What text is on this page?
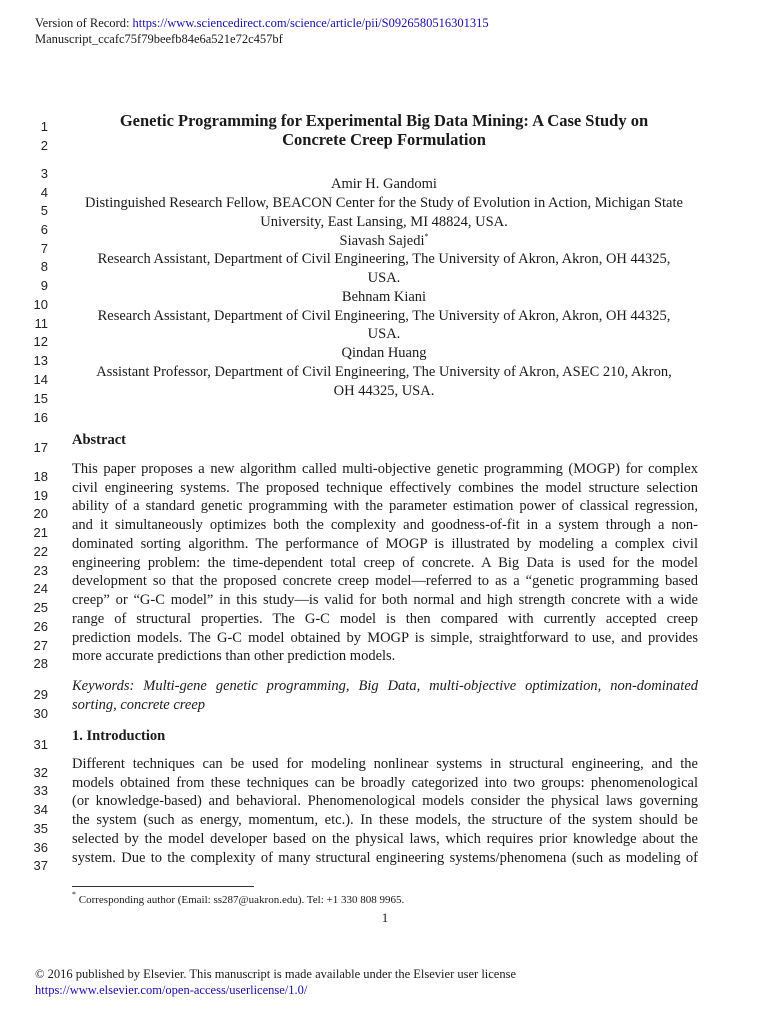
Version of Record: https://www.sciencedirect.com/science/article/pii/S0926580516301315
Manuscript_ccafc75f79beefb84e6a521e72c457bf
1
2
3
4
5
6
7
8
9
10
11
12
13
14
15
16
17
18
19
20
21
22
23
24
25
26
27
28
29
30
31
32
33
34
35
36
37
Genetic Programming for Experimental Big Data Mining: A Case Study on
Concrete Creep Formulation
Amir H. Gandomi
Distinguished Research Fellow, BEACON Center for the Study of Evolution in Action, Michigan State
University, East Lansing, MI 48824, USA.
Siavash Sajedi*
Research Assistant, Department of Civil Engineering, The University of Akron, Akron, OH 44325,
USA.
Behnam Kiani
Research Assistant, Department of Civil Engineering, The University of Akron, Akron, OH 44325,
USA.
Qindan Huang
Assistant Professor, Department of Civil Engineering, The University of Akron, ASEC 210, Akron,
OH 44325, USA.
Abstract
This paper proposes a new algorithm called multi-objective genetic programming (MOGP) for complex
civil engineering systems. The proposed technique effectively combines the model structure selection
ability of a standard genetic programming with the parameter estimation power of classical regression,
and it simultaneously optimizes both the complexity and goodness-of-fit in a system through a non-
dominated sorting algorithm. The performance of MOGP is illustrated by modeling a complex civil
engineering problem: the time-dependent total creep of concrete. A Big Data is used for the model
development so that the proposed concrete creep model—referred to as a “genetic programming based
creep” or “G-C model” in this study—is valid for both normal and high strength concrete with a wide
range of structural properties. The G-C model is then compared with currently accepted creep
prediction models. The G-C model obtained by MOGP is simple, straightforward to use, and provides
more accurate predictions than other prediction models.
Keywords: Multi-gene genetic programming, Big Data, multi-objective optimization, non-dominated
sorting, concrete creep
1. Introduction
Different techniques can be used for modeling nonlinear systems in structural engineering, and the
models obtained from these techniques can be broadly categorized into two groups: phenomenological
(or knowledge-based) and behavioral. Phenomenological models consider the physical laws governing
the system (such as energy, momentum, etc.). In these models, the structure of the system should be
selected by the model developer based on the physical laws, which requires prior knowledge about the
system. Due to the complexity of many structural engineering systems/phenomena (such as modeling of
* Corresponding author (Email: ss287@uakron.edu). Tel: +1 330 808 9965.
1
© 2016 published by Elsevier. This manuscript is made available under the Elsevier user license
https://www.elsevier.com/open-access/userlicense/1.0/
